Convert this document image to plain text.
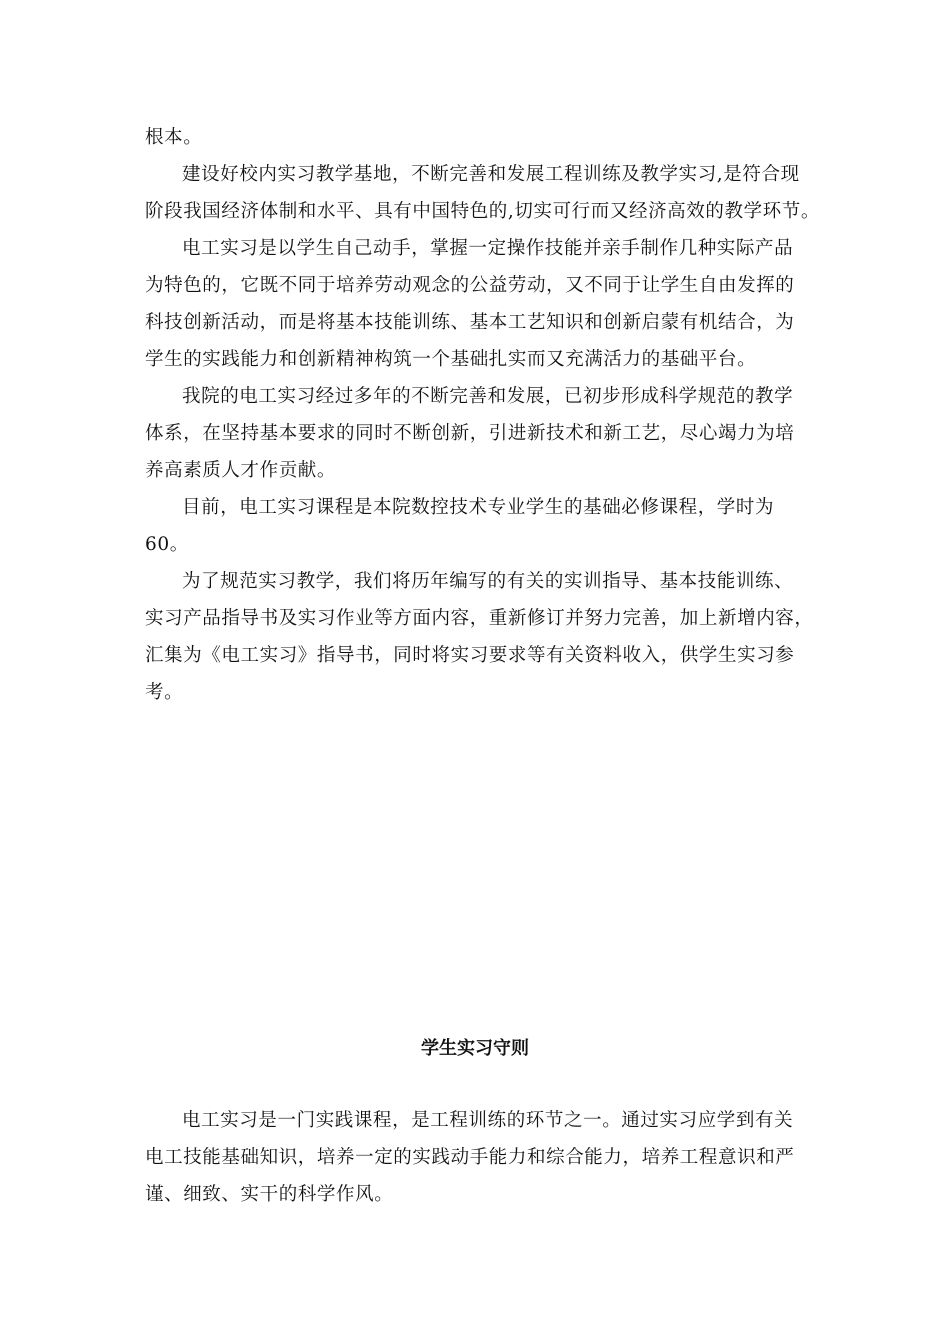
根本。
建设好校内实习教学基地，不断完善和发展工程训练及教学实习,是符合现
阶段我国经济体制和水平、具有中国特色的,切实可行而又经济高效的教学环节。
电工实习是以学生自己动手，掌握一定操作技能并亲手制作几种实际产品
为特色的，它既不同于培养劳动观念的公益劳动，又不同于让学生自由发挥的
科技创新活动，而是将基本技能训练、基本工艺知识和创新启蒙有机结合，为
学生的实践能力和创新精神构筑一个基础扎实而又充满活力的基础平台。
我院的电工实习经过多年的不断完善和发展，已初步形成科学规范的教学
体系，在坚持基本要求的同时不断创新，引进新技术和新工艺，尽心竭力为培
养高素质人才作贡献。
目前，电工实习课程是本院数控技术专业学生的基础必修课程，学时为
60。
为了规范实习教学，我们将历年编写的有关的实训指导、基本技能训练、
实习产品指导书及实习作业等方面内容，重新修订并努力完善，加上新增内容，
汇集为《电工实习》指导书，同时将实习要求等有关资料收入，供学生实习参
考。
学生实习守则
电工实习是一门实践课程，是工程训练的环节之一。通过实习应学到有关
电工技能基础知识，培养一定的实践动手能力和综合能力，培养工程意识和严
谨、细致、实干的科学作风。
